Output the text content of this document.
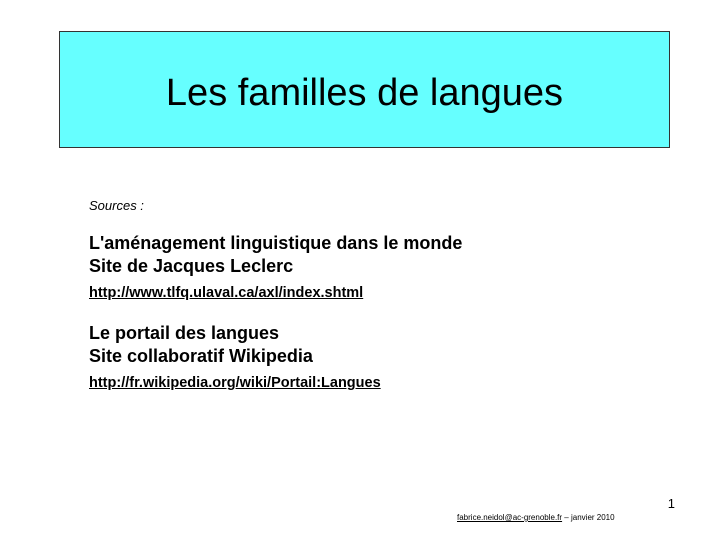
Les familles de langues
Sources :
L'aménagement linguistique dans le monde
Site de Jacques Leclerc
http://www.tlfq.ulaval.ca/axl/index.shtml
Le portail des langues
Site collaboratif Wikipedia
http://fr.wikipedia.org/wiki/Portail:Langues
1
fabrice.neidol@ac-grenoble.fr – janvier 2010
